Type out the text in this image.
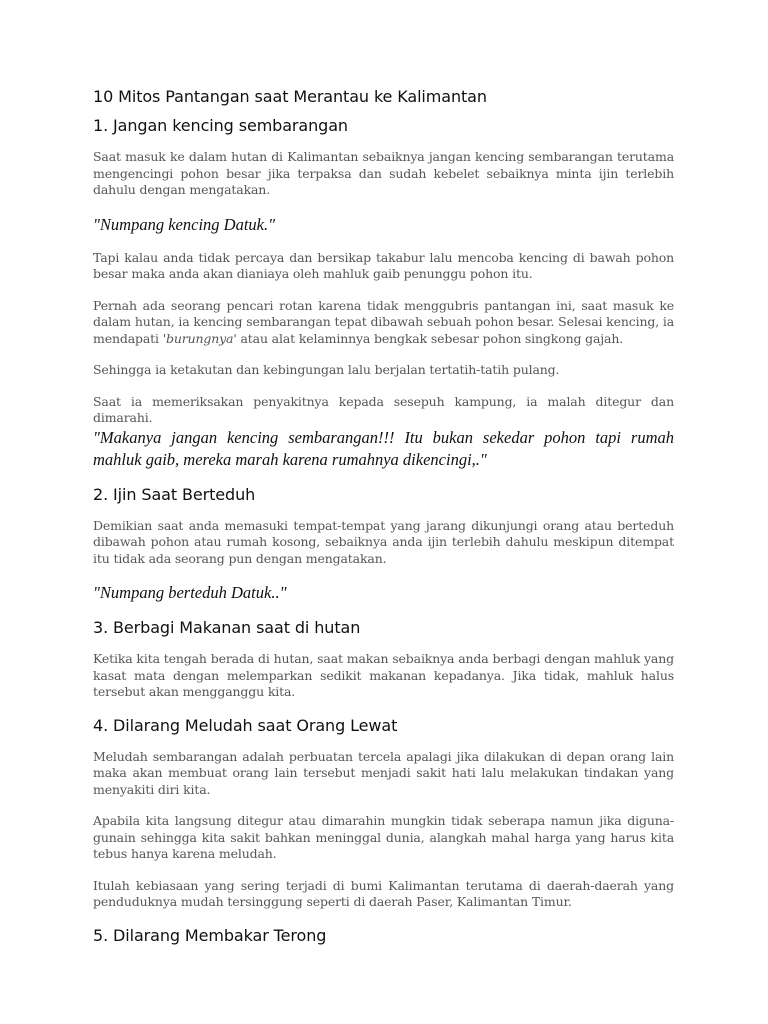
10 Mitos Pantangan saat Merantau ke Kalimantan
1. Jangan kencing sembarangan

Saat masuk ke dalam hutan di Kalimantan sebaiknya jangan kencing sembarangan terutama mengencingi pohon besar jika terpaksa dan sudah kebelet sebaiknya minta ijin terlebih dahulu dengan mengatakan.

"Numpang kencing Datuk."

Tapi kalau anda tidak percaya dan bersikap takabur lalu mencoba kencing di bawah pohon besar maka anda akan dianiaya oleh mahluk gaib penunggu pohon itu.

Pernah ada seorang pencari rotan karena tidak menggubris pantangan ini, saat masuk ke dalam hutan, ia kencing sembarangan tepat dibawah sebuah pohon besar. Selesai kencing, ia mendapati 'burungnya' atau alat kelaminnya bengkak sebesar pohon singkong gajah.

Sehingga ia ketakutan dan kebingungan lalu berjalan tertatih-tatih pulang.

Saat ia memeriksakan penyakitnya kepada sesepuh kampung, ia malah ditegur dan dimarahi.

"Makanya jangan kencing sembarangan!!! Itu bukan sekedar pohon tapi rumah mahluk gaib, mereka marah karena rumahnya dikencingi,."

2. Ijin Saat Berteduh

Demikian saat anda memasuki tempat-tempat yang jarang dikunjungi orang atau berteduh dibawah pohon atau rumah kosong, sebaiknya anda ijin terlebih dahulu meskipun ditempat itu tidak ada seorang pun dengan mengatakan.

"Numpang berteduh Datuk.."

3. Berbagi Makanan saat di hutan

Ketika kita tengah berada di hutan, saat makan sebaiknya anda berbagi dengan mahluk yang kasat mata dengan melemparkan sedikit makanan kepadanya. Jika tidak, mahluk halus tersebut akan mengganggu kita.

4. Dilarang Meludah saat Orang Lewat

Meludah sembarangan adalah perbuatan tercela apalagi jika dilakukan di depan orang lain maka akan membuat orang lain tersebut menjadi sakit hati lalu melakukan tindakan yang menyakiti diri kita.

Apabila kita langsung ditegur atau dimarahin mungkin tidak seberapa namun jika diguna-gunain sehingga kita sakit bahkan meninggal dunia, alangkah mahal harga yang harus kita tebus hanya karena meludah.

Itulah kebiasaan yang sering terjadi di bumi Kalimantan terutama di daerah-daerah yang penduduknya mudah tersinggung seperti di daerah Paser, Kalimantan Timur.

5. Dilarang Membakar Terong
